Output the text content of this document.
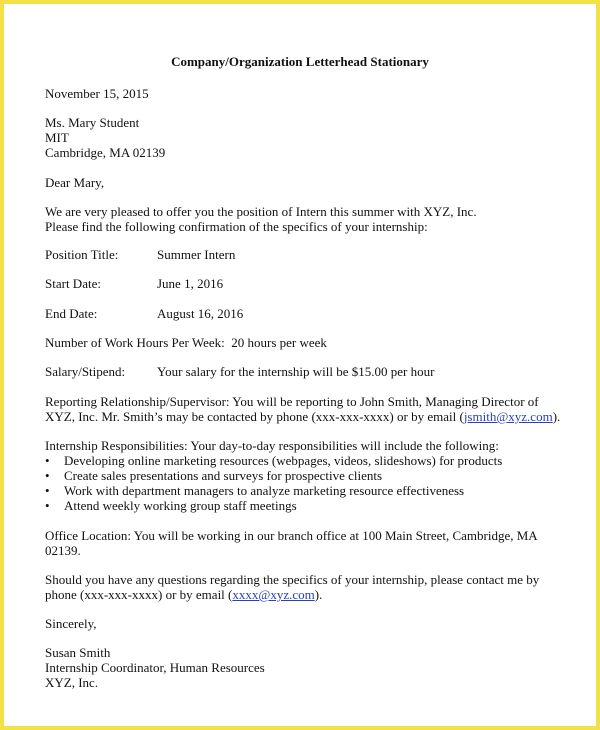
Company/Organization Letterhead Stationary
November 15, 2015
Ms. Mary Student
MIT
Cambridge, MA 02139
Dear Mary,
We are very pleased to offer you the position of Intern this summer with XYZ, Inc.
Please find the following confirmation of the specifics of your internship:
Position Title:	Summer Intern
Start Date:	June 1, 2016
End Date:	August 16, 2016
Number of Work Hours Per Week: 20 hours per week
Salary/Stipend: Your salary for the internship will be $15.00 per hour
Reporting Relationship/Supervisor: You will be reporting to John Smith, Managing Director of
XYZ, Inc. Mr. Smith’s may be contacted by phone (xxx-xxx-xxxx) or by email (jsmith@xyz.com).
Internship Responsibilities: Your day-to-day responsibilities will include the following:
• Developing online marketing resources (webpages, videos, slideshows) for products
• Create sales presentations and surveys for prospective clients
• Work with department managers to analyze marketing resource effectiveness
• Attend weekly working group staff meetings
Office Location: You will be working in our branch office at 100 Main Street, Cambridge, MA
02139.
Should you have any questions regarding the specifics of your internship, please contact me by
phone (xxx-xxx-xxxx) or by email (xxxx@xyz.com).
Sincerely,
Susan Smith
Internship Coordinator, Human Resources
XYZ, Inc.
